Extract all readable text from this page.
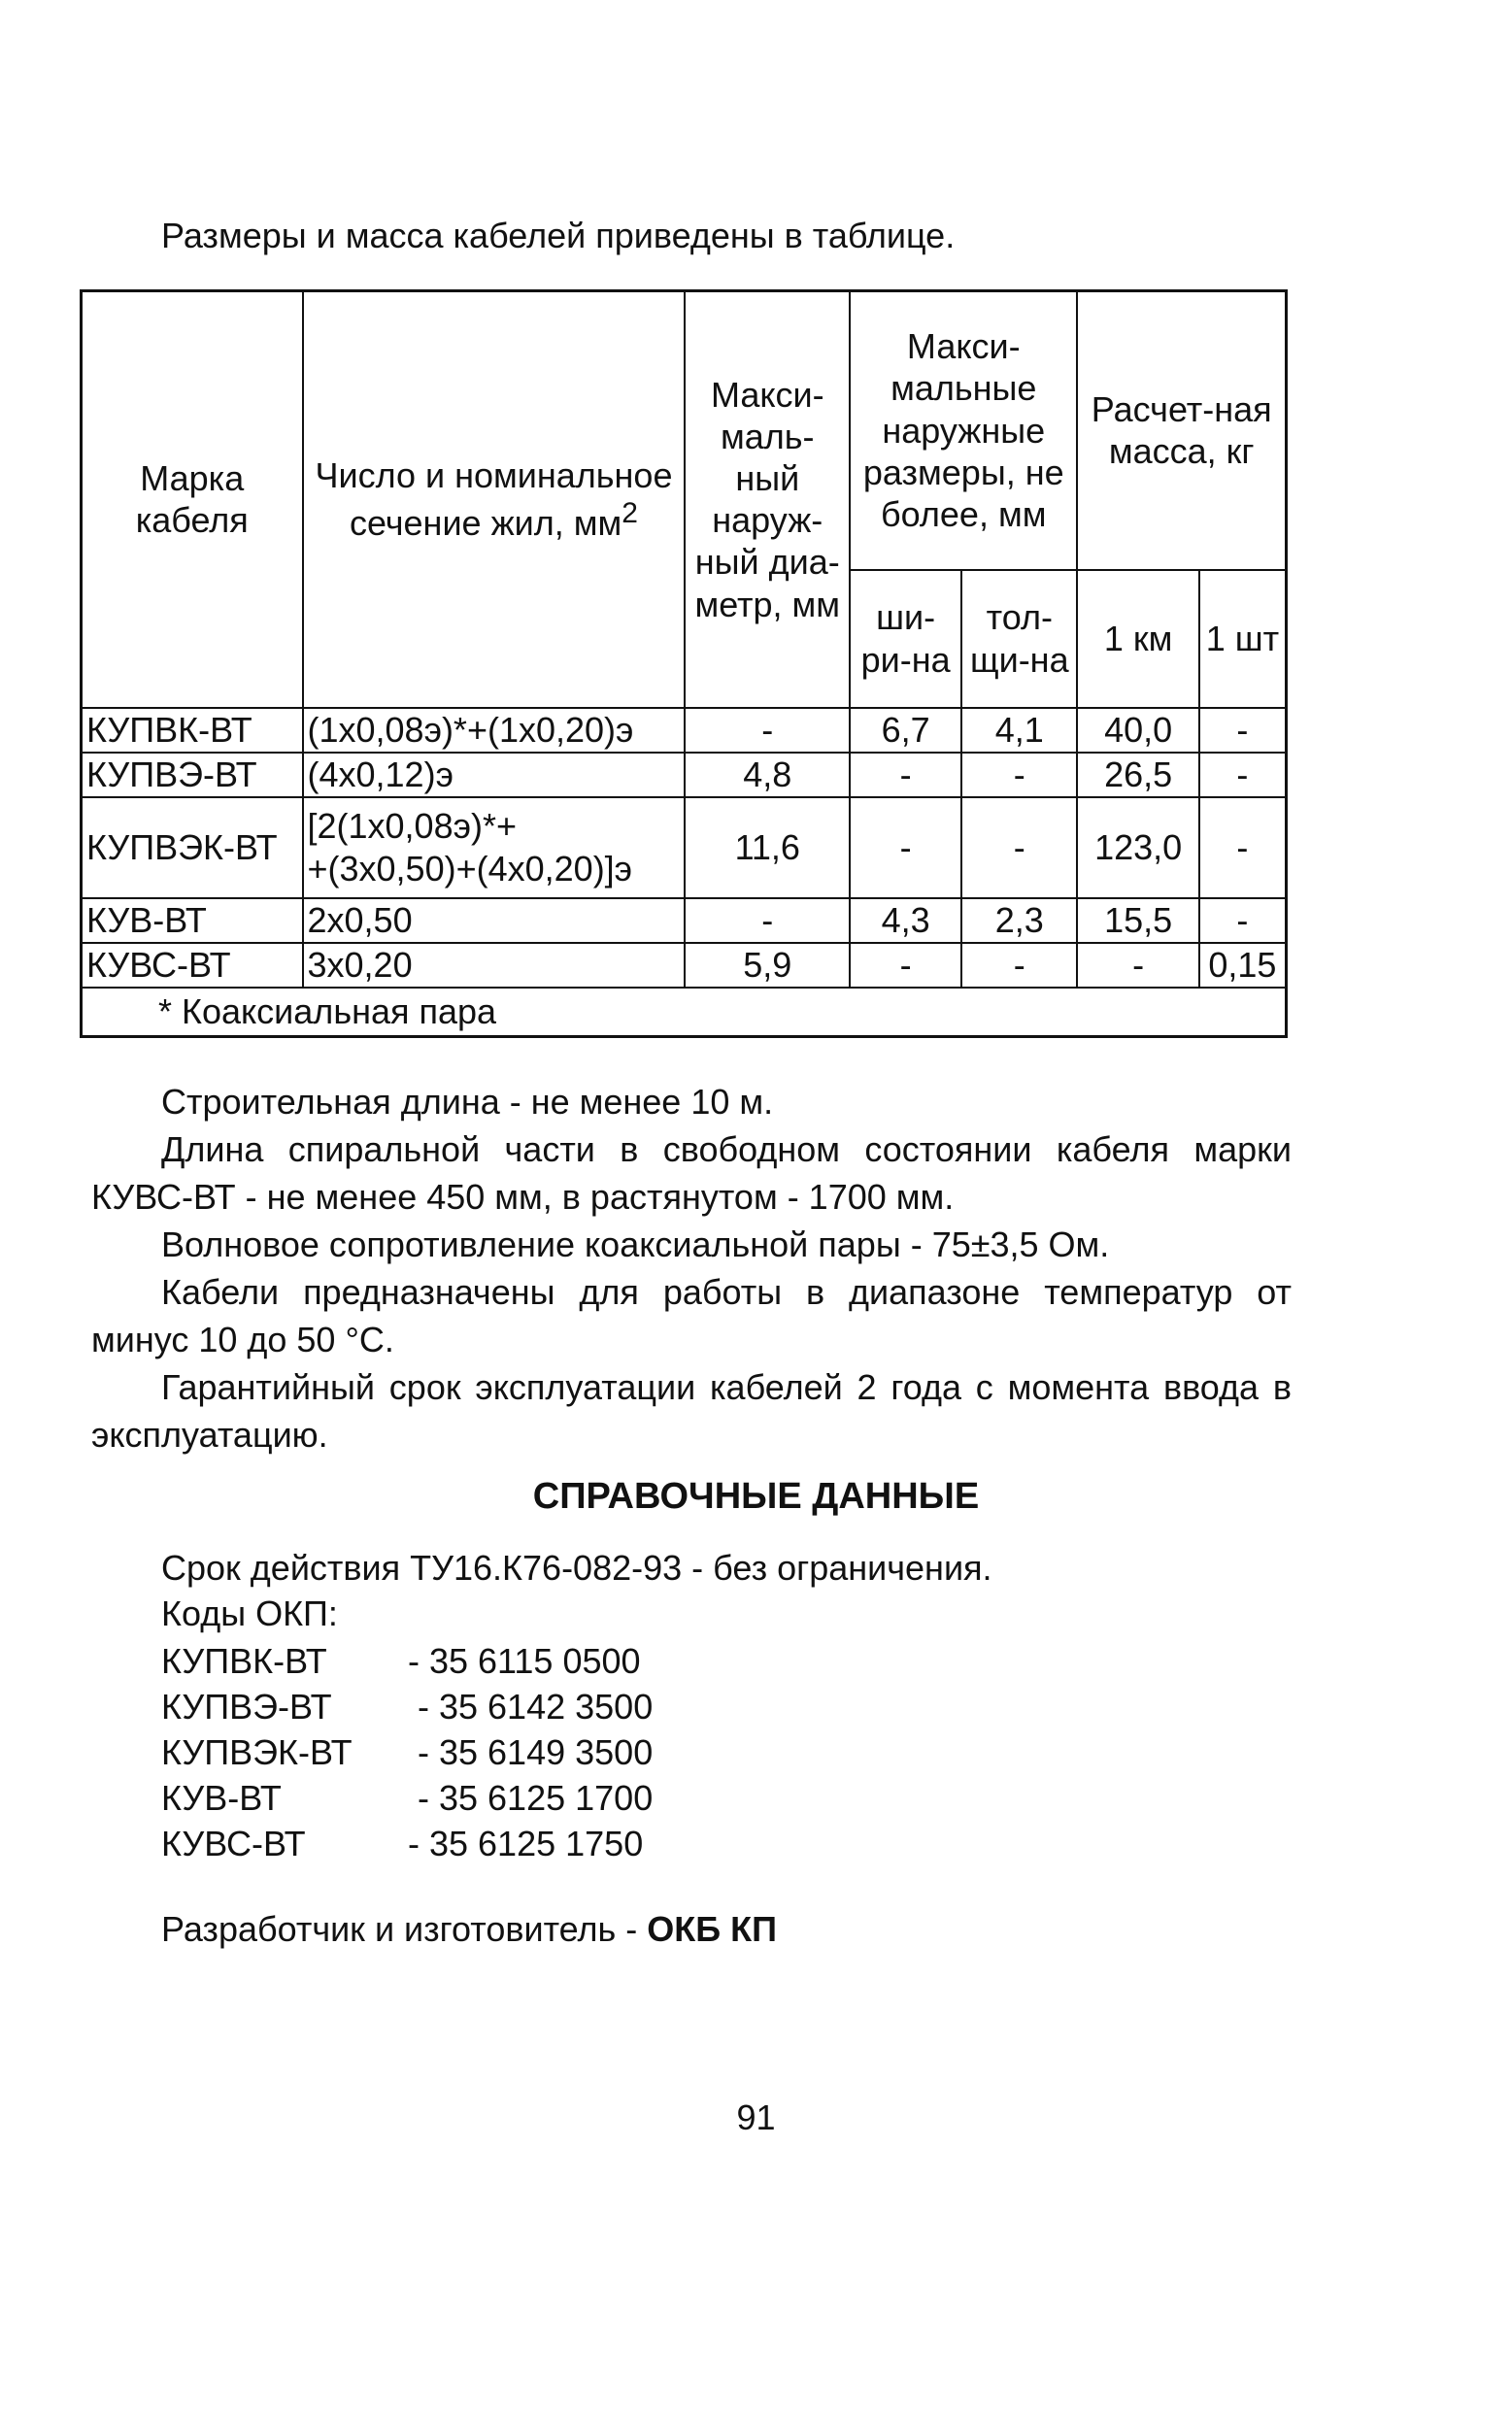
Размеры и масса кабелей приведены в таблице.

Марка кабеля	Число и номинальное сечение жил, $мм^2$	Макси-маль-ный наруж-ный диа-метр, мм	Макси-мальные наружные размеры, не более, мм		Расчет-ная масса, кг	
			ши-ри-на	тол-щи-на	1 км	1 шт
КУПВК-ВТ	(1х0,08э)*+(1х0,20)э	-	6,7	4,1	40,0	-
КУПВЭ-ВТ	(4х0,12)э	4,8	-	-	26,5	-
КУПВЭК-ВТ	[2(1х0,08э)*+
+(3х0,50)+(4х0,20)]э	11,6	-	-	123,0	-
КУВ-ВТ	2х0,50	-	4,3	2,3	15,5	-
КУВС-ВТ	3х0,20	5,9	-	-	-	0,15
* Коаксиальная пара						

Строительная длина - не менее 10 м.

Длина спиральной части в свободном состоянии кабеля марки КУВС-ВТ - не менее 450 мм, в растянутом - 1700 мм.

Волновое сопротивление коаксиальной пары - 75±3,5 Ом.

Кабели предназначены для работы в диапазоне температур от минус 10 до 50 °С.

Гарантийный срок эксплуатации кабелей 2 года с момента ввода в эксплуатацию.

СПРАВОЧНЫЕ ДАННЫЕ

Срок действия ТУ16.К76-082-93 - без ограничения.

Коды ОКП:

КУПВК-ВТ - 35 6115 0500
КУПВЭ-ВТ - 35 6142 3500
КУПВЭК-ВТ - 35 6149 3500
КУВ-ВТ	- 35 6125 1700
КУВС-ВТ	- 35 6125 1750

Разработчик и изготовитель - ОКБ КП

91
